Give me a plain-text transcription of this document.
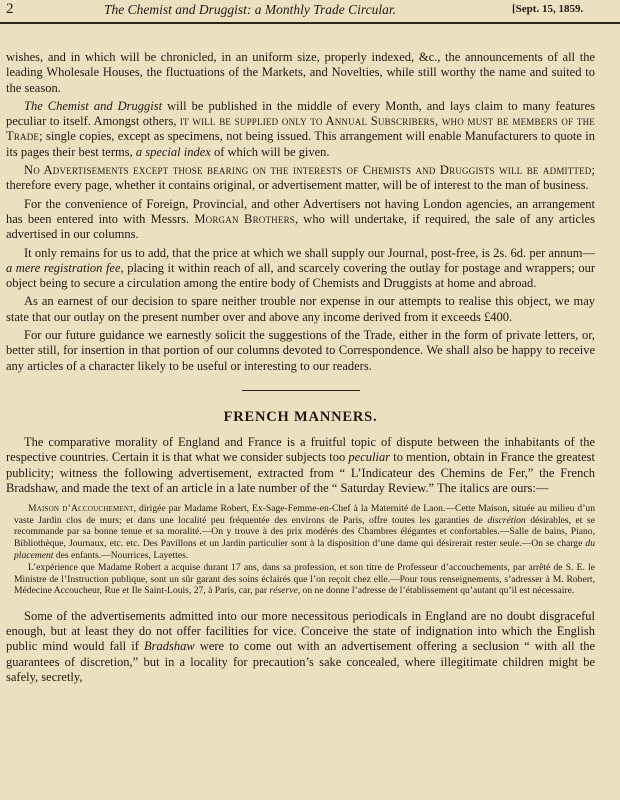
2	The Chemist and Druggist: a Monthly Trade Circular.	[Sept. 15, 1859.

wishes, and in which will be chronicled, in an uniform size, properly indexed, &c., the announcements of all the leading Wholesale Houses, the fluctuations of the Markets, and Novelties, while still worthy the name and suited to the season.

The Chemist and Druggist will be published in the middle of every Month, and lays claim to many features peculiar to itself. Amongst others, it will be supplied only to Annual Subscribers, who must be members of the Trade; single copies, except as specimens, not being issued. This arrangement will enable Manufacturers to quote in its pages their best terms, a special index of which will be given.

No Advertisements except those bearing on the interests of Chemists and Druggists will be admitted; therefore every page, whether it contains original, or advertisement matter, will be of interest to the man of business.

For the convenience of Foreign, Provincial, and other Advertisers not having London agencies, an arrangement has been entered into with Messrs. Morgan Brothers, who will undertake, if required, the sale of any articles advertised in our columns.

It only remains for us to add, that the price at which we shall supply our Journal, post-free, is 2s. 6d. per annum—a mere registration fee, placing it within reach of all, and scarcely covering the outlay for postage and wrappers; our object being to secure a circulation among the entire body of Chemists and Druggists at home and abroad.

As an earnest of our decision to spare neither trouble nor expense in our attempts to realise this object, we may state that our outlay on the present number over and above any income derived from it exceeds £400.

For our future guidance we earnestly solicit the suggestions of the Trade, either in the form of private letters, or, better still, for insertion in that portion of our columns devoted to Correspondence. We shall also be happy to receive any articles of a character likely to be useful or interesting to our readers.

FRENCH MANNERS.

The comparative morality of England and France is a fruitful topic of dispute between the inhabitants of the respective countries. Certain it is that what we consider subjects too peculiar to mention, obtain in France the greatest publicity; witness the following advertisement, extracted from “ L’Indicateur des Chemins de Fer,” the French Bradshaw, and made the text of an article in a late number of the “ Saturday Review.” The italics are ours:—

Maison d’Accouchement, dirigée par Madame Robert, Ex-Sage-Femme-en-Chef à la Maternité de Laon.—Cette Maison, située au milieu d’un vaste Jardin clos de murs; et dans une localité peu fréquentée des environs de Paris, offre toutes les garanties de discrétion désirables, et se recommande par sa bonne tenue et sa moralité.—On y trouve à des prix modérés des Chambres élégantes et confortables.—Salle de bains, Piano, Bibliothèque, Journaux, etc. etc. Des Pavillons et un Jardin particulier sont à la disposition d’une dame qui désirerait rester seule.—On se charge du placement des enfants.—Nourrices, Layettes.

L’expérience que Madame Robert a acquise durant 17 ans, dans sa profession, et son titre de Professeur d’accouchements, par arrêté de S. E. le Ministre de l’Instruction publique, sont un sûr garant des soins éclairés que l’on reçoit chez elle.—Pour tous renseignements, s’adresser à M. Robert, Médecine Accoucheur, Rue et Ile Saint-Louis, 27, à Paris, car, par réserve, on ne donne l’adresse de l’établissement qu’autant qu’il est nécessaire.

Some of the advertisements admitted into our more necessitous periodicals in England are no doubt disgraceful enough, but at least they do not offer facilities for vice. Conceive the state of indignation into which the English public mind would fall if Bradshaw were to come out with an advertisement offering a seclusion “ with all the guarantees of discretion,” but in a locality for precaution’s sake concealed, where illegitimate children might be safely, secretly,
